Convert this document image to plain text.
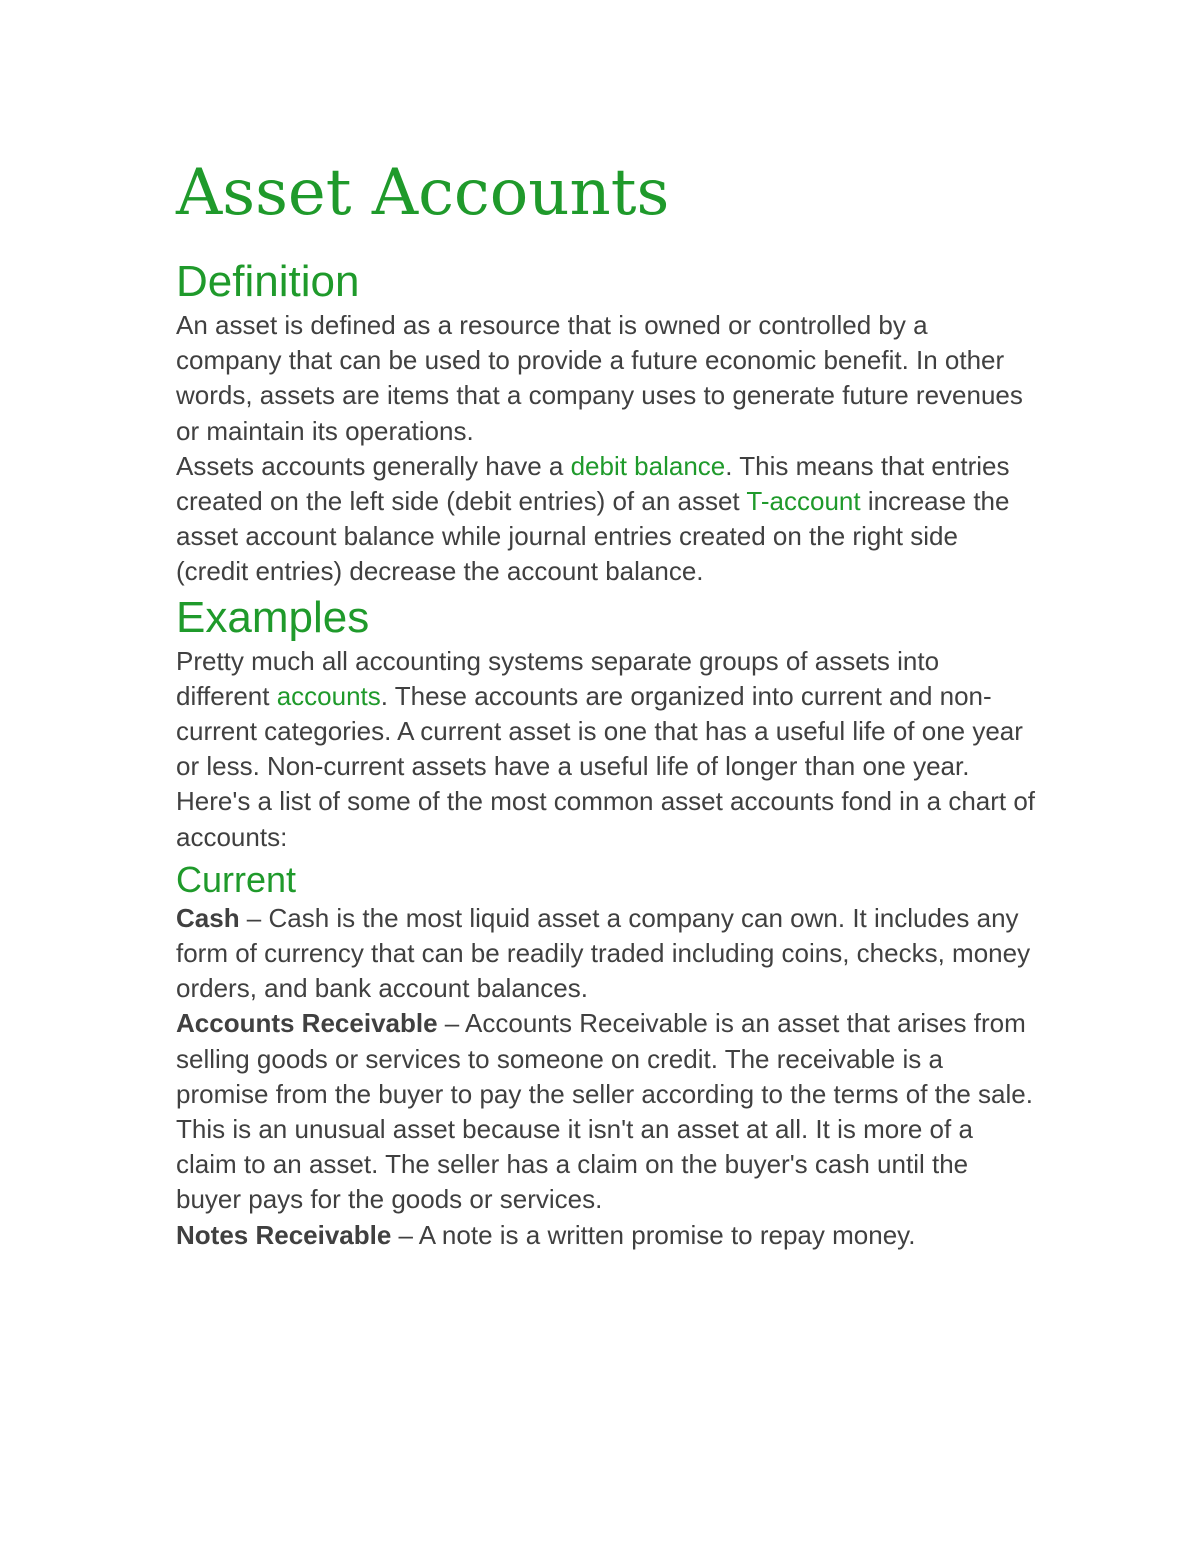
Asset Accounts
Definition

An asset is defined as a resource that is owned or controlled by a company that can be used to provide a future economic benefit. In other words, assets are items that a company uses to generate future revenues or maintain its operations.

Assets accounts generally have a debit balance. This means that entries created on the left side (debit entries) of an asset T-account increase the asset account balance while journal entries created on the right side (credit entries) decrease the account balance.

Examples

Pretty much all accounting systems separate groups of assets into different accounts. These accounts are organized into current and non-current categories. A current asset is one that has a useful life of one year or less. Non-current assets have a useful life of longer than one year.

Here's a list of some of the most common asset accounts fond in a chart of accounts:

Current

Cash – Cash is the most liquid asset a company can own. It includes any form of currency that can be readily traded including coins, checks, money orders, and bank account balances.

Accounts Receivable – Accounts Receivable is an asset that arises from selling goods or services to someone on credit. The receivable is a promise from the buyer to pay the seller according to the terms of the sale. This is an unusual asset because it isn't an asset at all. It is more of a claim to an asset. The seller has a claim on the buyer's cash until the buyer pays for the goods or services.

Notes Receivable – A note is a written promise to repay money.
